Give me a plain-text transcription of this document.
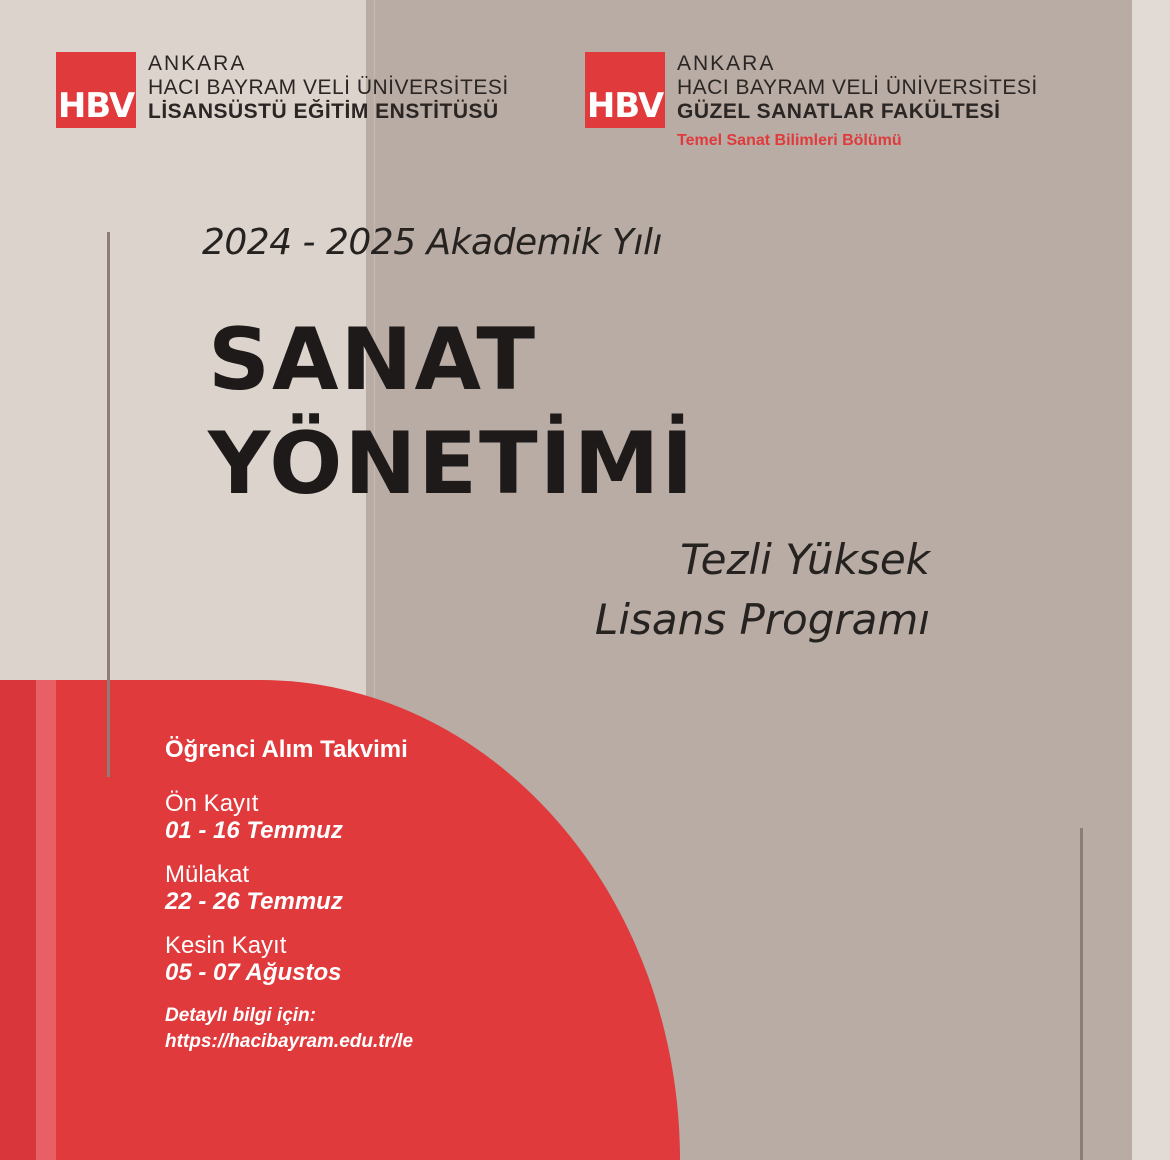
HBV
ANKARA
HACI BAYRAM VELİ ÜNİVERSİTESİ
LİSANSÜSTÜ EĞİTİM ENSTİTÜSÜ	HBV
ANKARA
HACI BAYRAM VELİ ÜNİVERSİTESİ
GÜZEL SANATLAR FAKÜLTESİ
Temel Sanat Bilimleri Bölümü
2024 - 2025 Akademik Yılı
SANAT
YÖNETİMİ
Tezli Yüksek
Lisans Programı
Öğrenci Alım Takvimi
Ön Kayıt
01 - 16 Temmuz
Mülakat
22 - 26 Temmuz
Kesin Kayıt
05 - 07 Ağustos
Detaylı bilgi için:
https://hacibayram.edu.tr/le
